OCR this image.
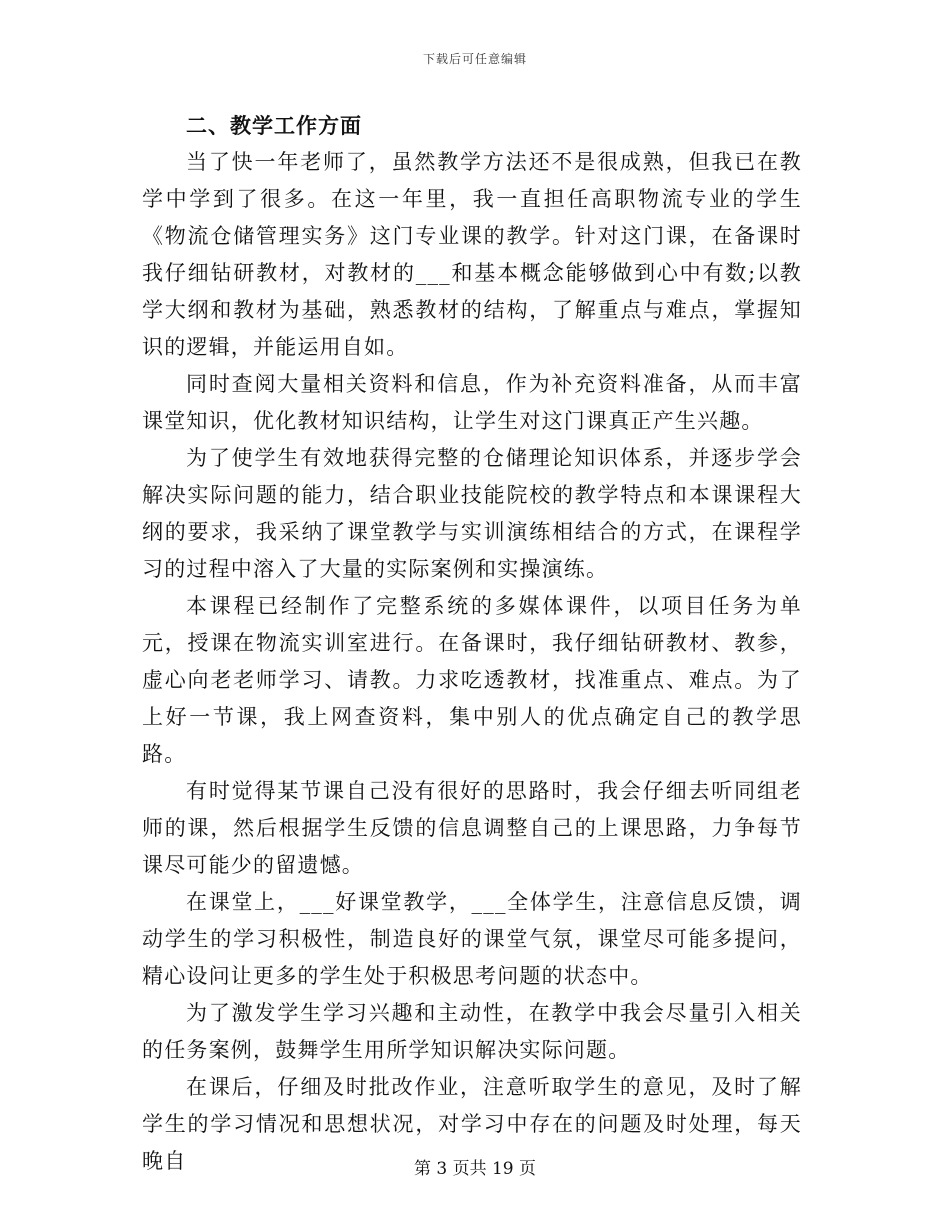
下载后可任意编辑
二、教学工作方面

当了快一年老师了，虽然教学方法还不是很成熟，但我已在教学中学到了很多。在这一年里，我一直担任高职物流专业的学生《物流仓储管理实务》这门专业课的教学。针对这门课，在备课时我仔细钻研教材，对教材的___和基本概念能够做到心中有数;以教学大纲和教材为基础，熟悉教材的结构，了解重点与难点，掌握知识的逻辑，并能运用自如。

同时查阅大量相关资料和信息，作为补充资料准备，从而丰富课堂知识，优化教材知识结构，让学生对这门课真正产生兴趣。

为了使学生有效地获得完整的仓储理论知识体系，并逐步学会解决实际问题的能力，结合职业技能院校的教学特点和本课课程大纲的要求，我采纳了课堂教学与实训演练相结合的方式，在课程学习的过程中溶入了大量的实际案例和实操演练。

本课程已经制作了完整系统的多媒体课件，以项目任务为单元，授课在物流实训室进行。在备课时，我仔细钻研教材、教参，虚心向老老师学习、请教。力求吃透教材，找准重点、难点。为了上好一节课，我上网查资料，集中别人的优点确定自己的教学思路。

有时觉得某节课自己没有很好的思路时，我会仔细去听同组老师的课，然后根据学生反馈的信息调整自己的上课思路，力争每节课尽可能少的留遗憾。

在课堂上，___好课堂教学，___全体学生，注意信息反馈，调动学生的学习积极性，制造良好的课堂气氛，课堂尽可能多提问，精心设问让更多的学生处于积极思考问题的状态中。

为了激发学生学习兴趣和主动性，在教学中我会尽量引入相关的任务案例，鼓舞学生用所学知识解决实际问题。

在课后，仔细及时批改作业，注意听取学生的意见，及时了解学生的学习情况和思想状况，对学习中存在的问题及时处理，每天晚自	第 3 页共 19 页
